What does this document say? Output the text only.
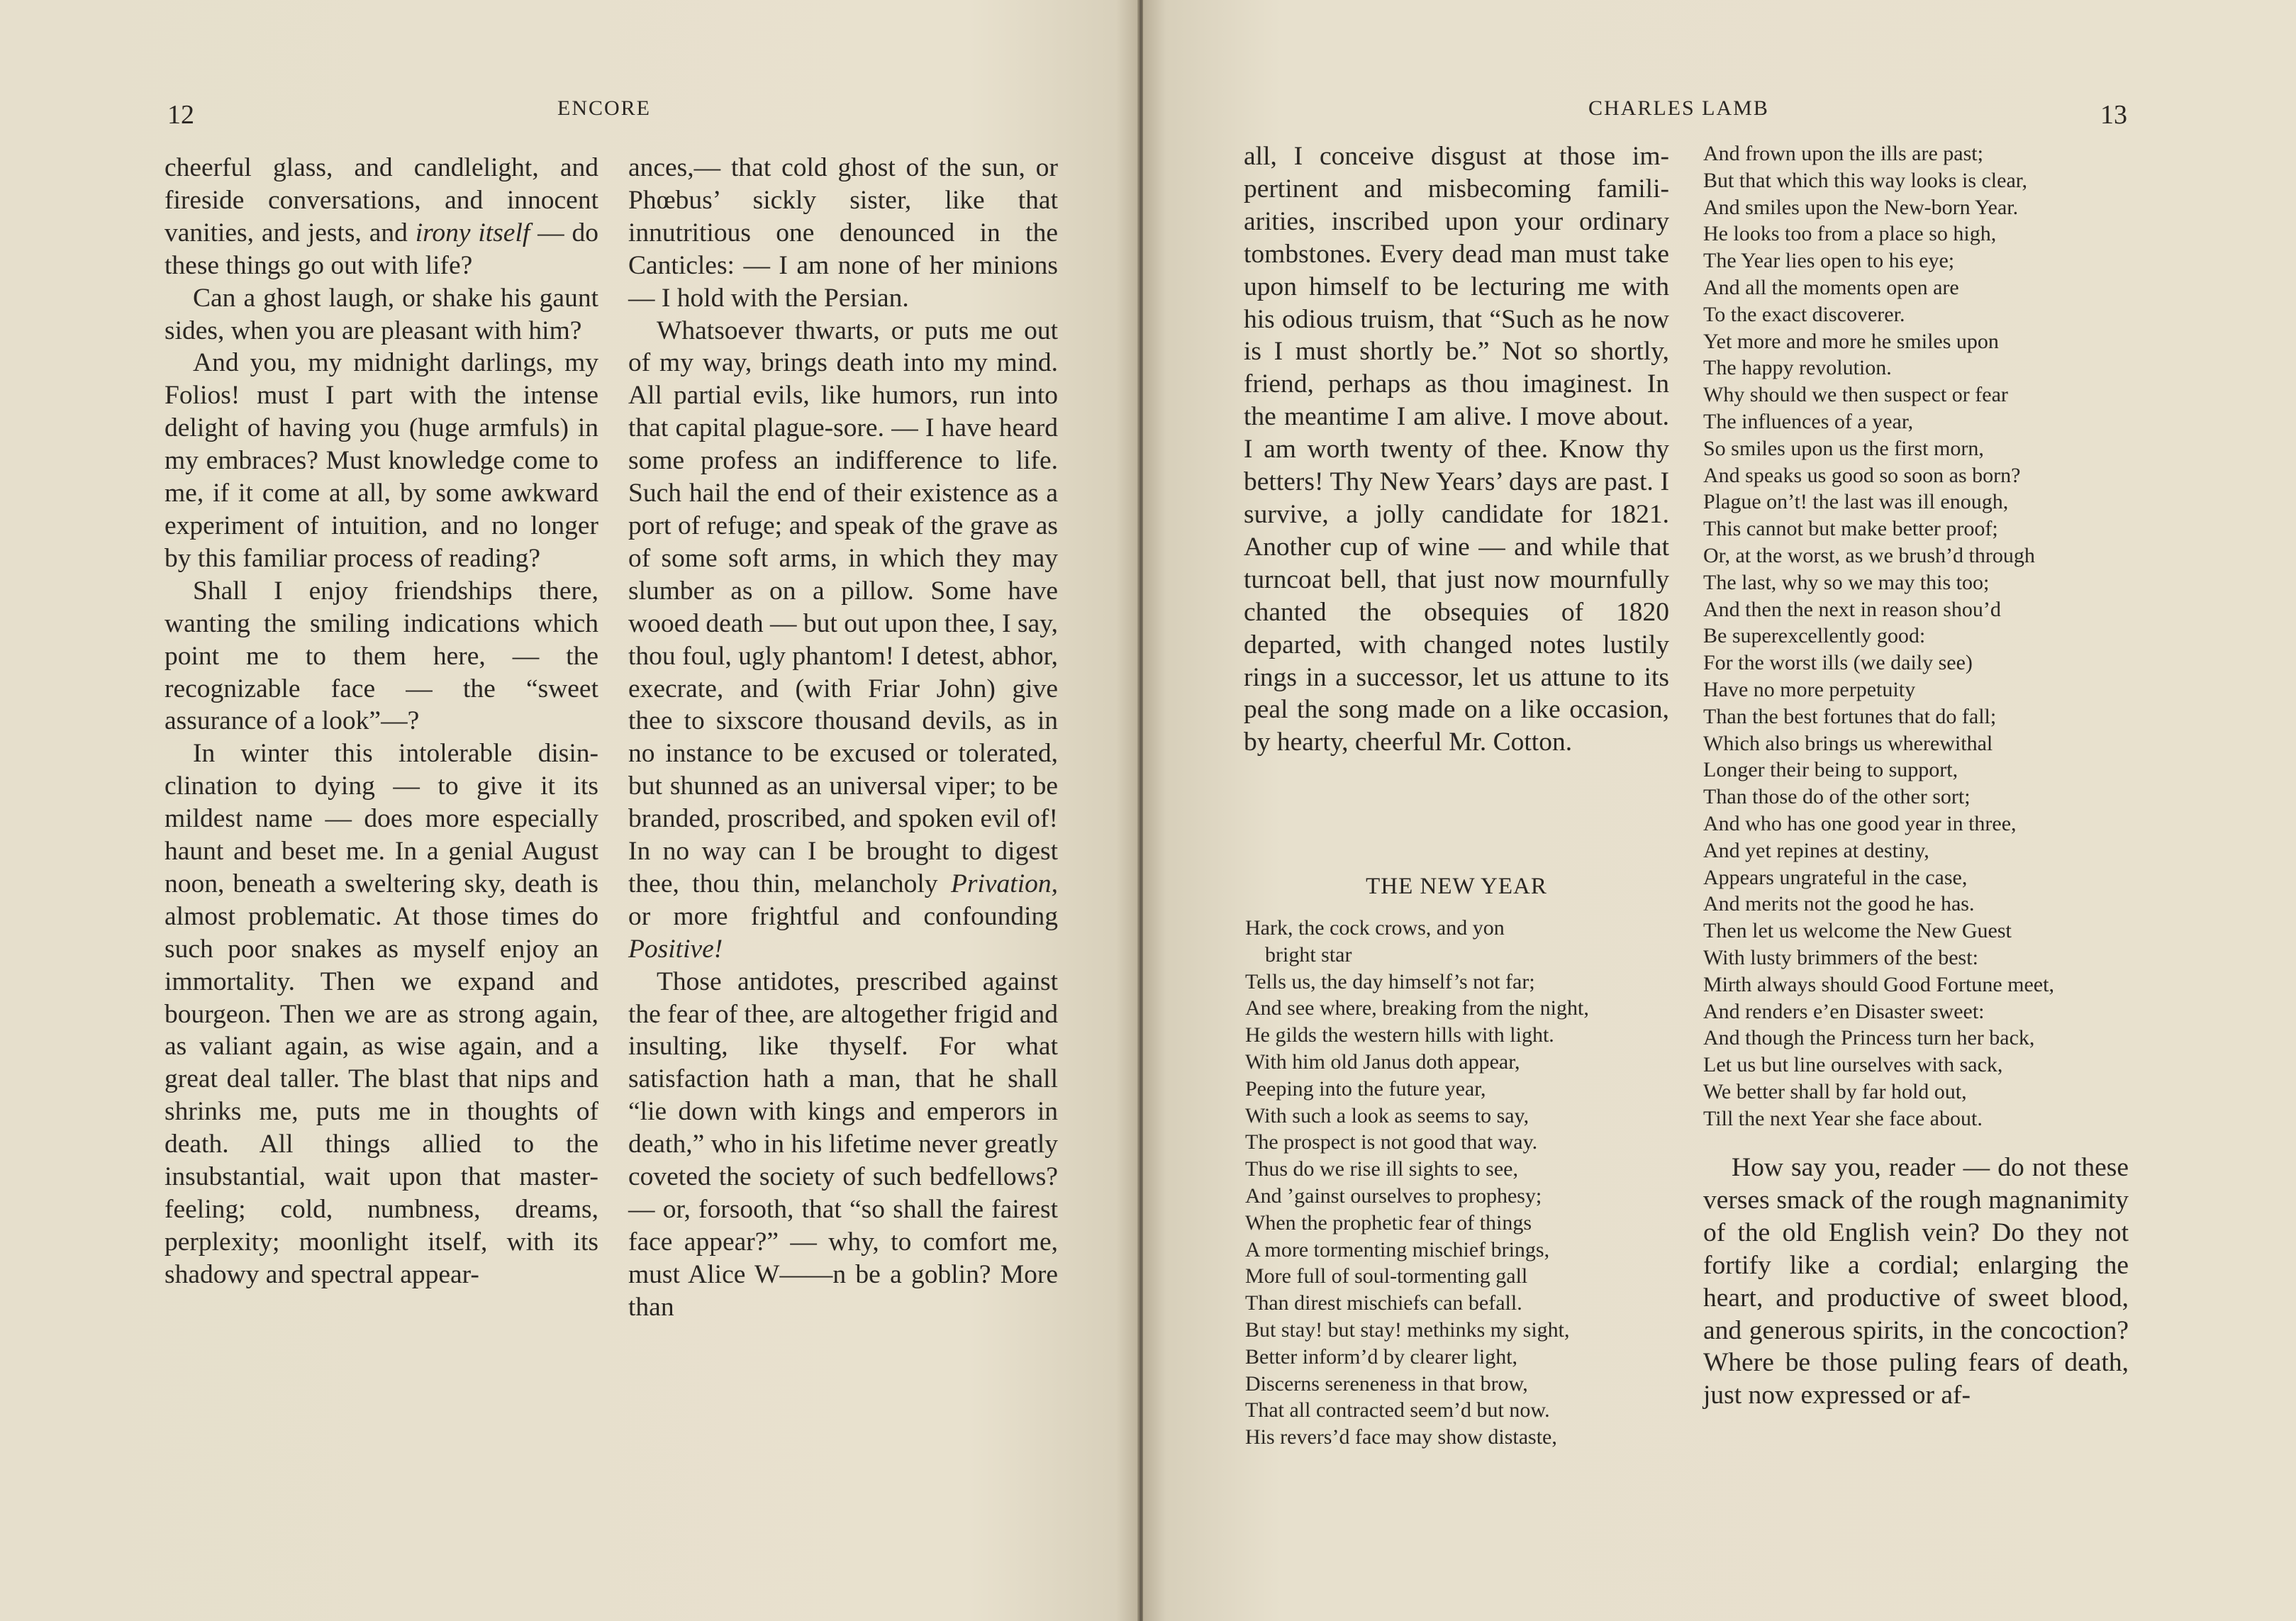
12	ENCORE

cheerful glass, and candlelight, and fireside conversations, and innocent vanities, and jests, and irony itself — do these things go out with life?

Can a ghost laugh, or shake his gaunt sides, when you are pleasant with him?

And you, my midnight darlings, my Folios! must I part with the intense delight of having you (huge armfuls) in my embraces? Must knowledge come to me, if it come at all, by some awkward experiment of intuition, and no longer by this familiar process of reading?

Shall I enjoy friendships there, wanting the smiling indications which point me to them here, — the recognizable face — the “sweet assurance of a look”—?

In winter this intolerable disinclination to dying — to give it its mildest name — does more especially haunt and beset me. In a genial August noon, beneath a sweltering sky, death is almost problematic. At those times do such poor snakes as myself enjoy an immortality. Then we expand and bourgeon. Then we are as strong again, as valiant again, as wise again, and a great deal taller. The blast that nips and shrinks me, puts me in thoughts of death. All things allied to the insubstantial, wait upon that master-feeling; cold, numbness, dreams, perplexity; moonlight itself, with its shadowy and spectral appear-

ances,— that cold ghost of the sun, or Phœbus’ sickly sister, like that innutritious one denounced in the Canticles: — I am none of her minions — I hold with the Persian.

Whatsoever thwarts, or puts me out of my way, brings death into my mind. All partial evils, like humors, run into that capital plague-sore. — I have heard some profess an indifference to life. Such hail the end of their existence as a port of refuge; and speak of the grave as of some soft arms, in which they may slumber as on a pillow. Some have wooed death — but out upon thee, I say, thou foul, ugly phantom! I detest, abhor, execrate, and (with Friar John) give thee to sixscore thousand devils, as in no instance to be excused or tolerated, but shunned as an universal viper; to be branded, proscribed, and spoken evil of! In no way can I be brought to digest thee, thou thin, melancholy Privation, or more frightful and confounding Positive!

Those antidotes, prescribed against the fear of thee, are altogether frigid and insulting, like thyself. For what satisfaction hath a man, that he shall “lie down with kings and emperors in death,” who in his lifetime never greatly coveted the society of such bedfellows? — or, forsooth, that “so shall the fairest face appear?” — why, to comfort me, must Alice W——n be a goblin? More than

CHARLES LAMB	13

all, I conceive disgust at those impertinent and misbecoming familiarities, inscribed upon your ordinary tombstones. Every dead man must take upon himself to be lecturing me with his odious truism, that “Such as he now is I must shortly be.” Not so shortly, friend, perhaps as thou imaginest. In the meantime I am alive. I move about. I am worth twenty of thee. Know thy betters! Thy New Years’ days are past. I survive, a jolly candidate for 1821. Another cup of wine — and while that turncoat bell, that just now mournfully chanted the obsequies of 1820 departed, with changed notes lustily rings in a successor, let us attune to its peal the song made on a like occasion, by hearty, cheerful Mr. Cotton.

THE NEW YEAR
Hark, the cock crows, and yon
bright star
Tells us, the day himself’s not far;
And see where, breaking from the night,
He gilds the western hills with light.
With him old Janus doth appear,
Peeping into the future year,
With such a look as seems to say,
The prospect is not good that way.
Thus do we rise ill sights to see,
And ’gainst ourselves to prophesy;
When the prophetic fear of things
A more tormenting mischief brings,
More full of soul-tormenting gall
Than direst mischiefs can befall.
But stay! but stay! methinks my sight,
Better inform’d by clearer light,
Discerns sereneness in that brow,
That all contracted seem’d but now.
His revers’d face may show distaste,
And frown upon the ills are past;
But that which this way looks is clear,
And smiles upon the New-born Year.
He looks too from a place so high,
The Year lies open to his eye;
And all the moments open are
To the exact discoverer.
Yet more and more he smiles upon
The happy revolution.
Why should we then suspect or fear
The influences of a year,
So smiles upon us the first morn,
And speaks us good so soon as born?
Plague on’t! the last was ill enough,
This cannot but make better proof;
Or, at the worst, as we brush’d through
The last, why so we may this too;
And then the next in reason shou’d
Be superexcellently good:
For the worst ills (we daily see)
Have no more perpetuity
Than the best fortunes that do fall;
Which also brings us wherewithal
Longer their being to support,
Than those do of the other sort;
And who has one good year in three,
And yet repines at destiny,
Appears ungrateful in the case,
And merits not the good he has.
Then let us welcome the New Guest
With lusty brimmers of the best:
Mirth always should Good Fortune meet,
And renders e’en Disaster sweet:
And though the Princess turn her back,
Let us but line ourselves with sack,
We better shall by far hold out,
Till the next Year she face about.

How say you, reader — do not these verses smack of the rough magnanimity of the old English vein? Do they not fortify like a cordial; enlarging the heart, and productive of sweet blood, and generous spirits, in the concoction? Where be those puling fears of death, just now expressed or af-
